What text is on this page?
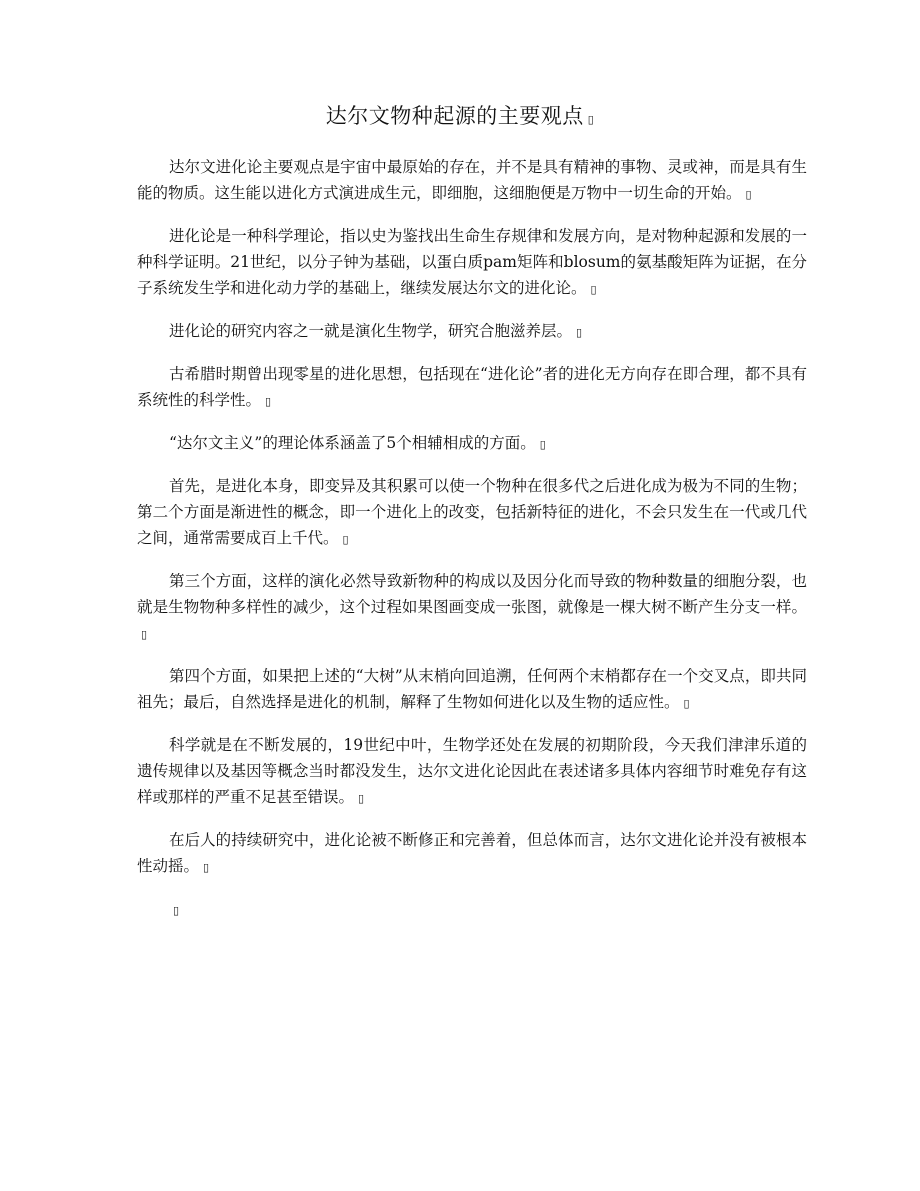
达尔文物种起源的主要观点 ▯

达尔文进化论主要观点是宇宙中最原始的存在，并不是具有精神的事物、灵或神，而是具有生能的物质。这生能以进化方式演进成生元，即细胞，这细胞便是万物中一切生命的开始。 ▯

进化论是一种科学理论，指以史为鉴找出生命生存规律和发展方向，是对物种起源和发展的一种科学证明。21世纪，以分子钟为基础，以蛋白质pam矩阵和blosum的氨基酸矩阵为证据，在分子系统发生学和进化动力学的基础上，继续发展达尔文的进化论。 ▯

进化论的研究内容之一就是演化生物学，研究合胞滋养层。 ▯

古希腊时期曾出现零星的进化思想，包括现在“进化论”者的进化无方向存在即合理，都不具有系统性的科学性。 ▯

“达尔文主义”的理论体系涵盖了5个相辅相成的方面。 ▯

首先，是进化本身，即变异及其积累可以使一个物种在很多代之后进化成为极为不同的生物；第二个方面是渐进性的概念，即一个进化上的改变，包括新特征的进化，不会只发生在一代或几代之间，通常需要成百上千代。 ▯

第三个方面，这样的演化必然导致新物种的构成以及因分化而导致的物种数量的细胞分裂，也就是生物物种多样性的减少，这个过程如果图画变成一张图，就像是一棵大树不断产生分支一样。▯

第四个方面，如果把上述的“大树”从末梢向回追溯，任何两个末梢都存在一个交叉点，即共同祖先；最后，自然选择是进化的机制，解释了生物如何进化以及生物的适应性。 ▯

科学就是在不断发展的，19世纪中叶，生物学还处在发展的初期阶段，今天我们津津乐道的遗传规律以及基因等概念当时都没发生，达尔文进化论因此在表述诸多具体内容细节时难免存有这样或那样的严重不足甚至错误。 ▯

在后人的持续研究中，进化论被不断修正和完善着，但总体而言，达尔文进化论并没有被根本性动摇。 ▯

▯
